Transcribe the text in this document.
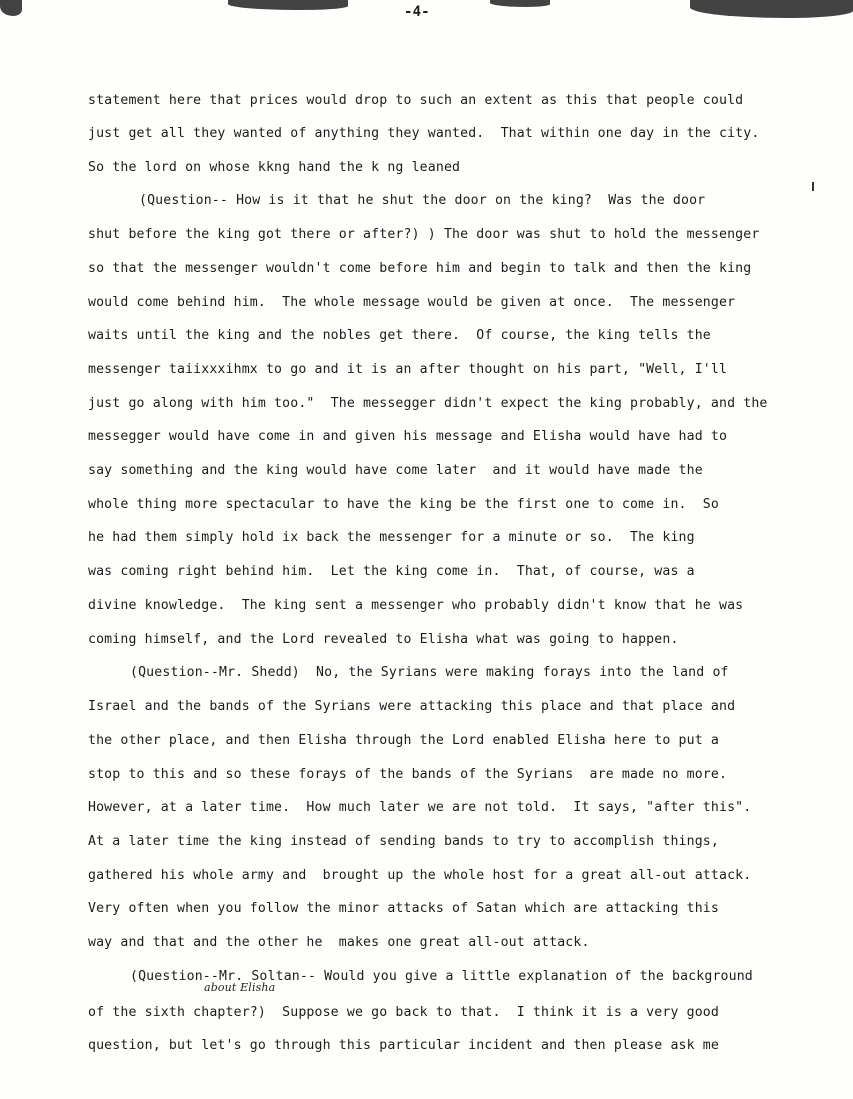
-4-
statement here that prices would drop to such an extent as this that people could
just get all they wanted of anything they wanted.  That within one day in the city.
So the lord on whose kkng hand the k ng leaned
(Question-- How is it that he shut the door on the king?  Was the door
shut before the king got there or after?) ) The door was shut to hold the messenger
so that the messenger wouldn't come before him and begin to talk and then the king
would come behind him.  The whole message would be given at once.  The messenger
waits until the king and the nobles get there.  Of course, the king tells the
messenger taiixxxihmx to go and it is an after thought on his part, "Well, I'll
just go along with him too."  The messegger didn't expect the king probably, and the
messegger would have come in and given his message and Elisha would have had to
say something and the king would have come later  and it would have made the
whole thing more spectacular to have the king be the first one to come in.  So
he had them simply hold ix back the messenger for a minute or so.  The king
was coming right behind him.  Let the king come in.  That, of course, was a
divine knowledge.  The king sent a messenger who probably didn't know that he was
coming himself, and the Lord revealed to Elisha what was going to happen.
(Question--Mr. Shedd)  No, the Syrians were making forays into the land of
Israel and the bands of the Syrians were attacking this place and that place and
the other place, and then Elisha through the Lord enabled Elisha here to put a
stop to this and so these forays of the bands of the Syrians  are made no more.
However, at a later time.  How much later we are not told.  It says, "after this".
At a later time the king instead of sending bands to try to accomplish things,
gathered his whole army and  brought up the whole host for a great all-out attack.
Very often when you follow the minor attacks of Satan which are attacking this
way and that and the other he  makes one great all-out attack.
(Question--Mr. Soltan-- Would you give a little explanation of the background
of the sixth chapter?)  Suppose we go back to that.  I think it is a very good
question, but let's go through this particular incident and then please ask me
about Elisha
